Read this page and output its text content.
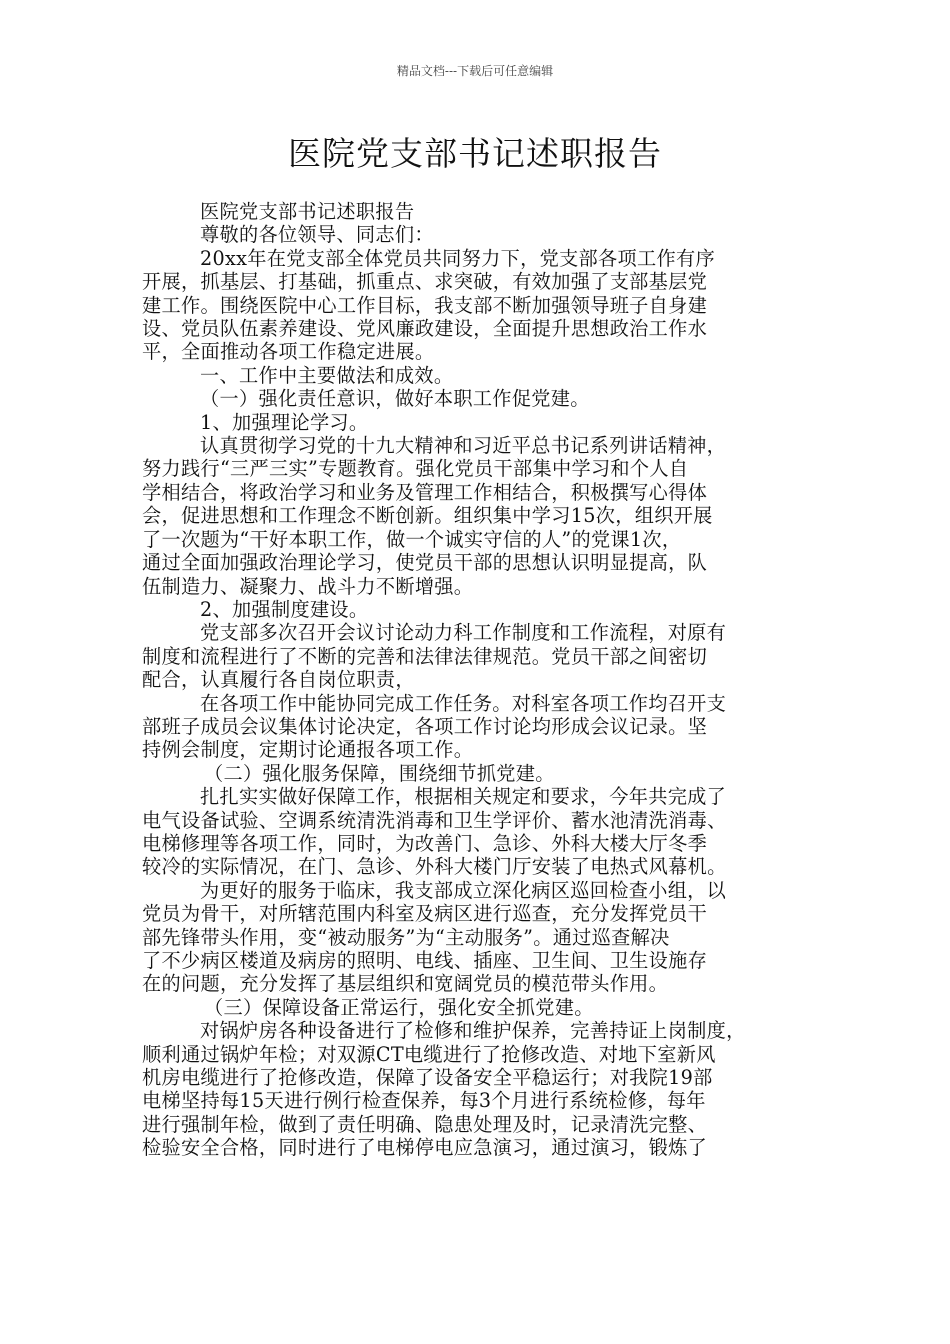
精品文档---下载后可任意编辑
医院党支部书记述职报告

医院党支部书记述职报告

尊敬的各位领导、同志们：

20xx年在党支部全体党员共同努力下，党支部各项工作有序

开展，抓基层、打基础，抓重点、求突破，有效加强了支部基层党

建工作。围绕医院中心工作目标，我支部不断加强领导班子自身建

设、党员队伍素养建设、党风廉政建设，全面提升思想政治工作水

平，全面推动各项工作稳定进展。

一、工作中主要做法和成效。

（一）强化责任意识，做好本职工作促党建。

1、加强理论学习。

认真贯彻学习党的十九大精神和习近平总书记系列讲话精神，

努力践行“三严三实”专题教育。强化党员干部集中学习和个人自

学相结合，将政治学习和业务及管理工作相结合，积极撰写心得体

会，促进思想和工作理念不断创新。组织集中学习15次，组织开展

了一次题为“干好本职工作，做一个诚实守信的人”的党课1次，

通过全面加强政治理论学习，使党员干部的思想认识明显提高，队

伍制造力、凝聚力、战斗力不断增强。

2、加强制度建设。

党支部多次召开会议讨论动力科工作制度和工作流程，对原有

制度和流程进行了不断的完善和法律法律规范。党员干部之间密切

配合，认真履行各自岗位职责，

在各项工作中能协同完成工作任务。对科室各项工作均召开支

部班子成员会议集体讨论决定，各项工作讨论均形成会议记录。坚

持例会制度，定期讨论通报各项工作。

（二）强化服务保障，围绕细节抓党建。

扎扎实实做好保障工作，根据相关规定和要求，今年共完成了

电气设备试验、空调系统清洗消毒和卫生学评价、蓄水池清洗消毒、

电梯修理等各项工作，同时，为改善门、急诊、外科大楼大厅冬季

较冷的实际情况，在门、急诊、外科大楼门厅安装了电热式风幕机。

为更好的服务于临床，我支部成立深化病区巡回检查小组，以

党员为骨干，对所辖范围内科室及病区进行巡查，充分发挥党员干

部先锋带头作用，变“被动服务”为“主动服务”。通过巡查解决

了不少病区楼道及病房的照明、电线、插座、卫生间、卫生设施存

在的问题，充分发挥了基层组织和宽阔党员的模范带头作用。

（三）保障设备正常运行，强化安全抓党建。

对锅炉房各种设备进行了检修和维护保养，完善持证上岗制度，

顺利通过锅炉年检；对双源CT电缆进行了抢修改造、对地下室新风

机房电缆进行了抢修改造，保障了设备安全平稳运行；对我院19部

电梯坚持每15天进行例行检查保养，每3个月进行系统检修，每年

进行强制年检，做到了责任明确、隐患处理及时，记录清洗完整、

检验安全合格，同时进行了电梯停电应急演习，通过演习，锻炼了
